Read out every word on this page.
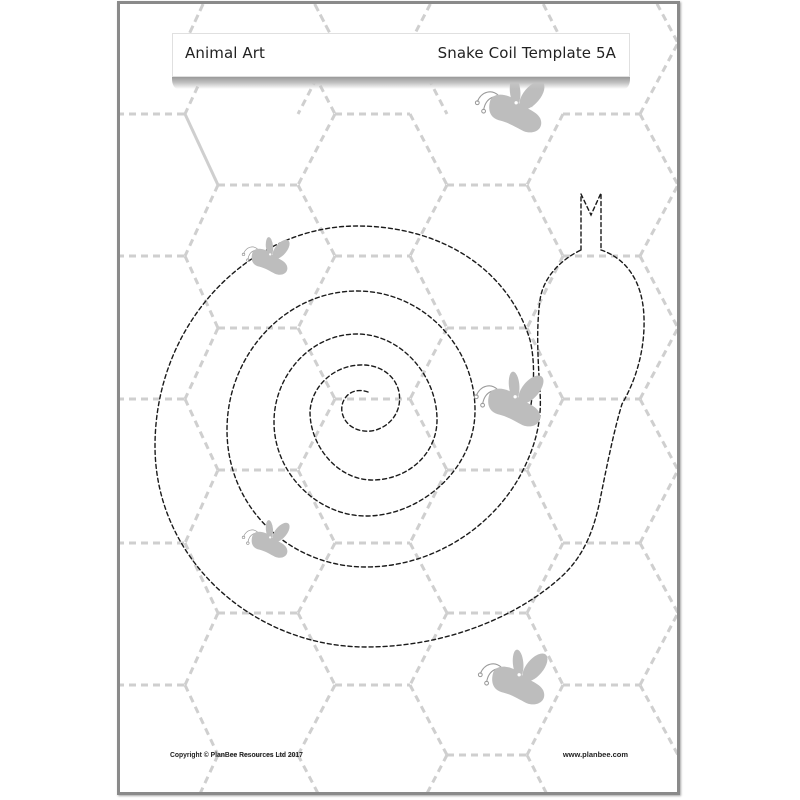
Animal Art	Snake Coil Template 5A
Copyright © PlanBee Resources Ltd 2017	www.planbee.com
